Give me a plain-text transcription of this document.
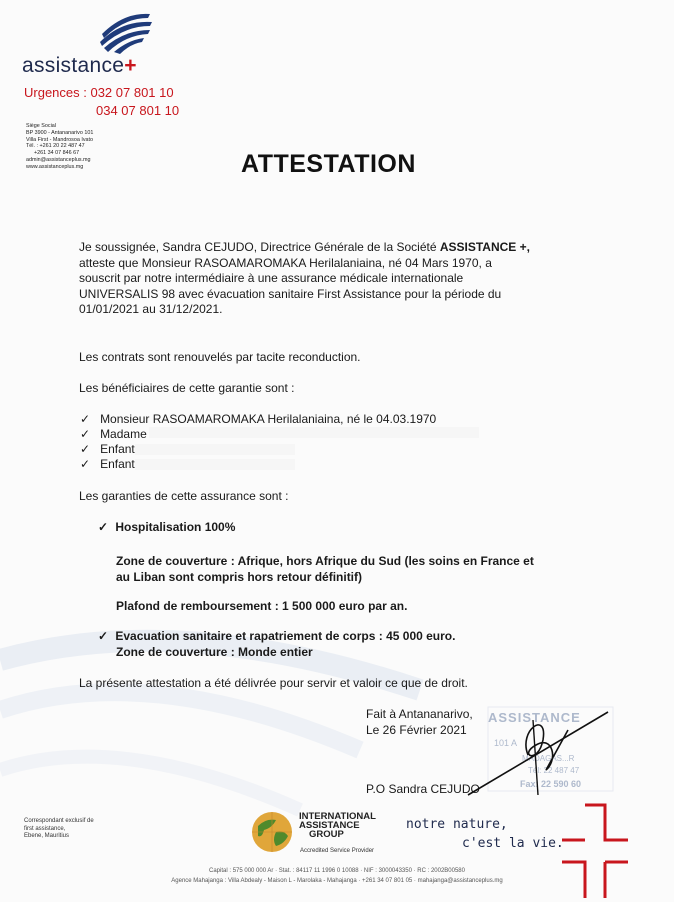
assistance+
Urgences : 032 07 801 10
034 07 801 10
Siège Social
BP 3900 - Antananarivo 101
Villa First - Mandrosoa Ivato
Tél. : +261 20 22 487 47
+261 34 07 846 67
admin@assistanceplus.mg
www.assistanceplus.mg	ATTESTATION
Je soussignée, Sandra CEJUDO, Directrice Générale de la Société ASSISTANCE +,
atteste que Monsieur RASOAMAROMAKA Herilalaniaina, né 04 Mars 1970, a
souscrit par notre intermédiaire à une assurance médicale internationale
UNIVERSALIS 98 avec évacuation sanitaire First Assistance pour la période du
01/01/2021 au 31/12/2021.
Les contrats sont renouvelés par tacite reconduction.
Les bénéficiaires de cette garantie sont :
✓ Monsieur RASOAMAROMAKA Herilalaniaina, né le 04.03.1970
✓ Madame
✓ Enfant
✓ Enfant
Les garanties de cette assurance sont :
✓ Hospitalisation 100%
Zone de couverture : Afrique, hors Afrique du Sud (les soins en France et
au Liban sont compris hors retour définitif)
Plafond de remboursement : 1 500 000 euro par an.
✓ Evacuation sanitaire et rapatriement de corps : 45 000 euro.
Zone de couverture : Monde entier
La présente attestation a été délivrée pour servir et valoir ce que de droit.
Fait à Antananarivo,
Le 26 Février 2021
P.O Sandra CEJUDO
ASSISTANCE
101 A
MADAGAS...R
Tél: 22 487 47
Fax: 22 590 60
Correspondant exclusif de
first assistance,
Ebene, Mauritius
INTERNATIONAL
ASSISTANCE
GROUP
Accredited Service Provider
notre nature,
c'est la vie.
Capital : 575 000 000 Ar · Stat. : 84117 11 1996 0 10088 · NIF : 3000043350 · RC : 2002B00580
Agence Mahajanga : Villa Abdealy - Maison L - Marolaka - Mahajanga · +261 34 07 801 05 · mahajanga@assistanceplus.mg
